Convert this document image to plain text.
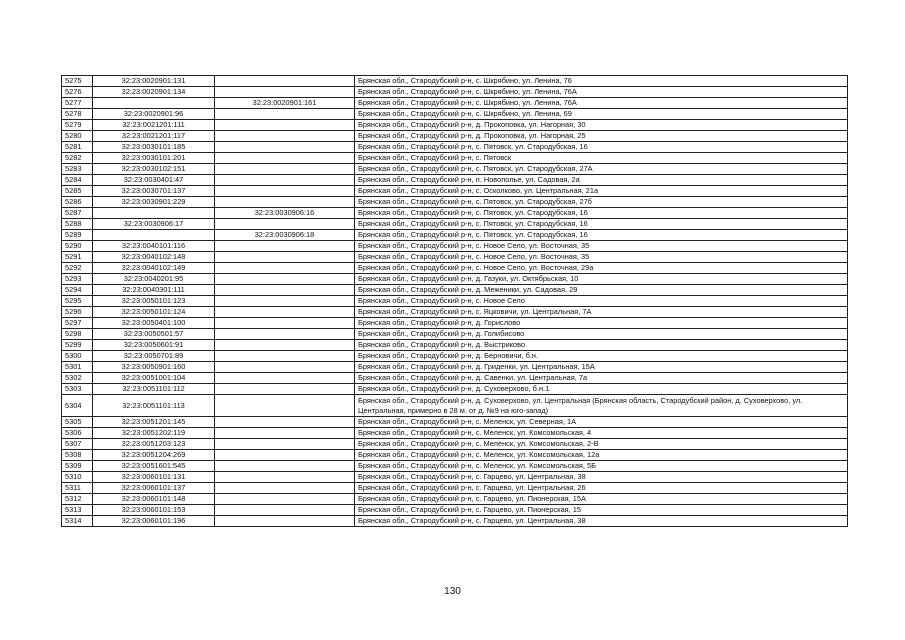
5275	32:23:0020901:131		Брянская обл., Стародубский р-н, с. Шкрябино, ул. Ленина, 76
5276	32:23:0020901:134		Брянская обл., Стародубский р-н, с. Шкрябино, ул. Ленина, 76А
5277		32:23:0020901:161	Брянская обл., Стародубский р-н, с. Шкрябино, ул. Ленина, 76А
5278	32:23:0020901:96		Брянская обл., Стародубский р-н, с. Шкрябино, ул. Ленина, 69
5279	32:23:0021201:111		Брянская обл., Стародубский р-н, д. Прокоповка, ул. Нагорная, 30
5280	32:23:0021201:117		Брянская обл., Стародубский р-н, д. Прокоповка, ул. Нагорная, 25
5281	32:23:0030101:185		Брянская обл., Стародубский р-н, с. Пятовск, ул. Стародубская, 16
5282	32:23:0030101:201		Брянская обл., Стародубский р-н, с. Пятовск
5283	32:23:0030102:151		Брянская обл., Стародубский р-н, с. Пятовск, ул. Стародубская, 27А
5284	32:23:0030401:47		Брянская обл., Стародубский р-н, п. Новополье, ул. Садовая, 2а
5285	32:23:0030701:137		Брянская обл., Стародубский р-н, с. Осколково, ул. Центральная, 21а
5286	32:23:0030901:229		Брянская обл., Стародубский р-н, с. Пятовск, ул. Стародубская, 27б
5287		32:23:0030906:16	Брянская обл., Стародубский р-н, с. Пятовск, ул. Стародубская, 16
5288	32:23:0030906:17		Брянская обл., Стародубский р-н, с. Пятовск, ул. Стародубская, 16
5289		32:23:0030906:18	Брянская обл., Стародубский р-н, с. Пятовск, ул. Стародубская, 16
5290	32:23:0040101:116		Брянская обл., Стародубский р-н, с. Новое Село, ул. Восточная, 35
5291	32:23:0040102:148		Брянская обл., Стародубский р-н, с. Новое Село, ул. Восточная, 35
5292	32:23:0040102:149		Брянская обл., Стародубский р-н, с. Новое Село, ул. Восточная, 29а
5293	32:23:0040201:95		Брянская обл., Стародубский р-н, д. Газуки, ул. Октябрьская, 10
5294	32:23:0040301:111		Брянская обл., Стародубский р-н, д. Меженики, ул. Садовая, 29
5295	32:23:0050101:123		Брянская обл., Стародубский р-н, с. Новое Село
5296	32:23:0050101:124		Брянская обл., Стародубский р-н, с. Яцковичи, ул. Центральная, 7А
5297	32:23:0050401:100		Брянская обл., Стародубский р-н, д. Горислово
5298	32:23:0050501:57		Брянская обл., Стародубский р-н, д. Голибисово
5299	32:23:0050601:91		Брянская обл., Стародубский р-н, д. Выстриково
5300	32:23:0050701:89		Брянская обл., Стародубский р-н, д. Берновичи, б.н.
5301	32:23:0050901:160		Брянская обл., Стародубский р-н, д. Гриденки, ул. Центральная, 15А
5302	32:23:0051001:104		Брянская обл., Стародубский р-н, д. Савенки, ул. Центральная, 7а
5303	32:23:0051101:112		Брянская обл., Стародубский р-н, д. Суховерхово, б.н.1
5304	32:23:0051101:113		Брянская обл., Стародубский р-н, д. Суховерхово, ул. Центральная (Брянская область, Стародубский район, д. Суховерхово, ул. Центральная, примерно в 28 м. от д. №9 на юго-запад)
5305	32:23:0051201:145		Брянская обл., Стародубский р-н, с. Меленск, ул. Северная, 1А
5306	32:23:0051202:119		Брянская обл., Стародубский р-н, с. Меленск, ул. Комсомольская, 4
5307	32:23:0051203:123		Брянская обл., Стародубский р-н, с. Меленск, ул. Комсомольская, 2-В
5308	32:23:0051204:269		Брянская обл., Стародубский р-н, с. Меленск, ул. Комсомольская, 12а
5309	32:23:0051601:545		Брянская обл., Стародубский р-н, с. Меленск, ул. Комсомольская, 5Б
5310	32:23:0060101:131		Брянская обл., Стародубский р-н, с. Гарцево, ул. Центральная, 38
5311	32:23:0060101:137		Брянская обл., Стародубский р-н, с. Гарцево, ул. Центральная, 26
5312	32:23:0060101:148		Брянская обл., Стародубский р-н, с. Гарцево, ул. Пионерская, 15А
5313	32:23:0060101:153		Брянская обл., Стародубский р-н, с. Гарцево, ул. Пионерская, 15
5314	32:23:0060101:196		Брянская обл., Стародубский р-н, с. Гарцево, ул. Центральная, 38
130
